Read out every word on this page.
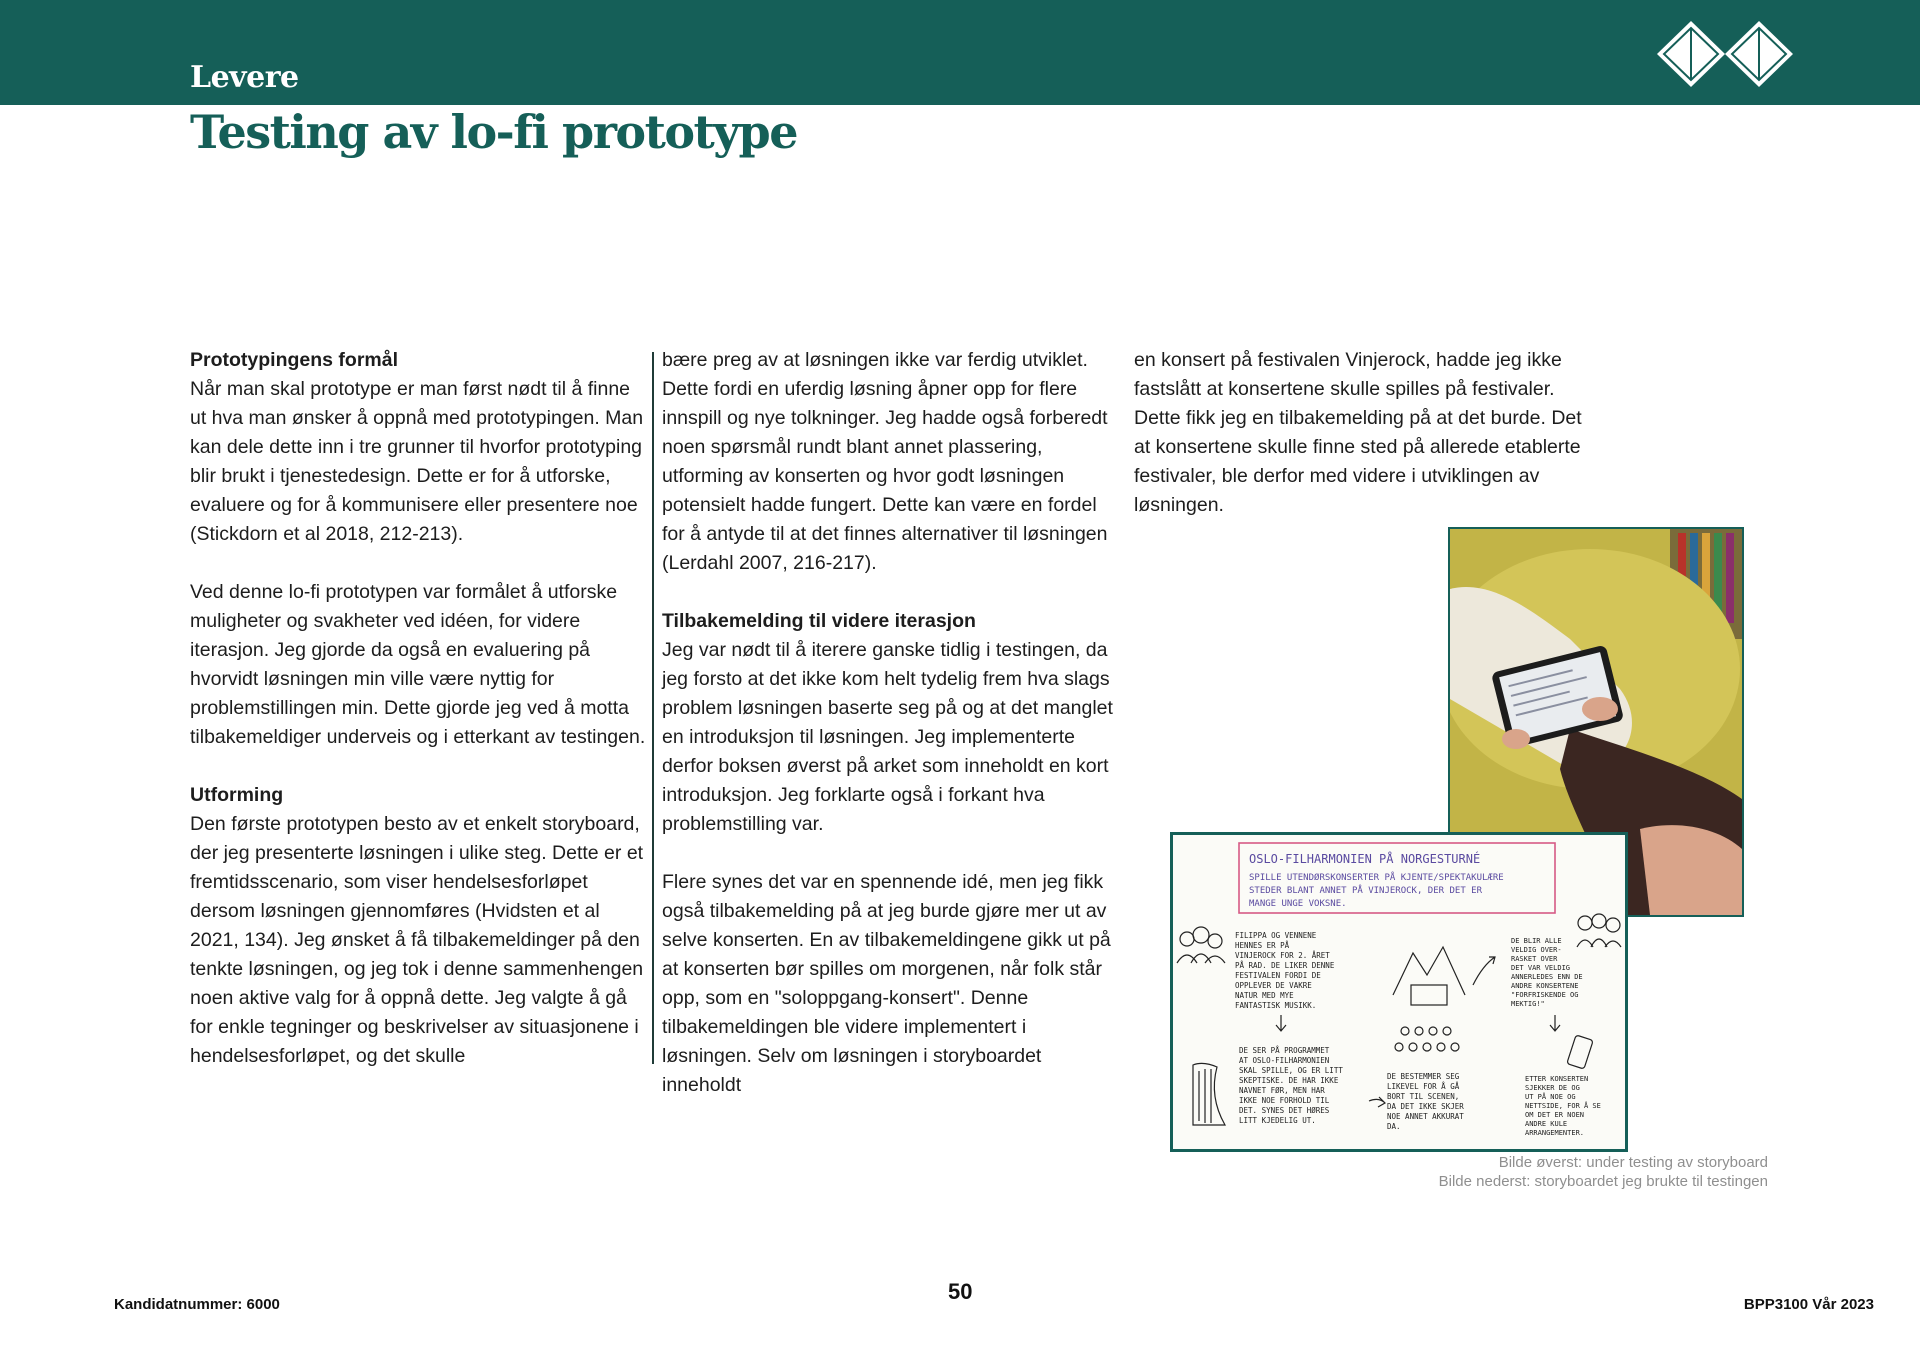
Levere
Testing av lo-fi prototype
Prototypingens formål

Når man skal prototype er man først nødt til å finne ut hva man ønsker å oppnå med prototypingen. Man kan dele dette inn i tre grunner til hvorfor prototyping blir brukt i tjenestedesign. Dette er for å utforske, evaluere og for å kommunisere eller presentere noe (Stickdorn et al 2018, 212-213).

Ved denne lo-fi prototypen var formålet å utforske muligheter og svakheter ved idéen, for videre iterasjon. Jeg gjorde da også en evaluering på hvorvidt løsningen min ville være nyttig for problemstillingen min. Dette gjorde jeg ved å motta tilbakemeldiger underveis og i etterkant av testingen.

Utforming

Den første prototypen besto av et enkelt storyboard, der jeg presenterte løsningen i ulike steg. Dette er et fremtidsscenario, som viser hendelsesforløpet dersom løsningen gjennomføres (Hvidsten et al 2021, 134). Jeg ønsket å få tilbakemeldinger på den tenkte løsningen, og jeg tok i denne sammenhengen noen aktive valg for å oppnå dette. Jeg valgte å gå for enkle tegninger og beskrivelser av situasjonene i hendelsesforløpet, og det skulle

bære preg av at løsningen ikke var ferdig utviklet. Dette fordi en uferdig løsning åpner opp for flere innspill og nye tolkninger. Jeg hadde også forberedt noen spørsmål rundt blant annet plassering, utforming av konserten og hvor godt løsningen potensielt hadde fungert. Dette kan være en fordel for å antyde til at det finnes alternativer til løsningen (Lerdahl 2007, 216-217).

Tilbakemelding til videre iterasjon

Jeg var nødt til å iterere ganske tidlig i testingen, da jeg forsto at det ikke kom helt tydelig frem hva slags problem løsningen baserte seg på og at det manglet en introduksjon til løsningen. Jeg implementerte derfor boksen øverst på arket som inneholdt en kort introduksjon. Jeg forklarte også i forkant hva problemstilling var.

Flere synes det var en spennende idé, men jeg fikk også tilbakemelding på at jeg burde gjøre mer ut av selve konserten. En av tilbakemeldingene gikk ut på at konserten bør spilles om morgenen, når folk står opp, som en "soloppgang-konsert". Denne tilbakemeldingen ble videre implementert i løsningen. Selv om løsningen i storyboardet inneholdt

en konsert på festivalen Vinjerock, hadde jeg ikke fastslått at konsertene skulle spilles på festivaler. Dette fikk jeg en tilbakemelding på at det burde. Det at konsertene skulle finne sted på allerede etablerte festivaler, ble derfor med videre i utviklingen av løsningen.

OSLO-FILHARMONIEN PÅ NORGESTURNÉ
SPILLE UTENDØRSKONSERTER PÅ KJENTE/SPEKTAKULÆRE
STEDER BLANT ANNET PÅ VINJEROCK, DER DET ER
MANGE UNGE VOKSNE.
FILIPPA OG VENNENE
HENNES ER PÅ
VINJEROCK FOR 2. ÅRET
PÅ RAD. DE LIKER DENNE
FESTIVALEN FORDI DE
OPPLEVER DE VAKRE
NATUR MED MYE
FANTASTISK MUSIKK.
DE SER PÅ PROGRAMMET
AT OSLO-FILHARMONIEN
SKAL SPILLE, OG ER LITT
SKEPTISKE. DE HAR IKKE
NAVNET FØR, MEN HAR
IKKE NOE FORHOLD TIL
DET. SYNES DET HØRES
LITT KJEDELIG UT.
DE BESTEMMER SEG
LIKEVEL FOR Å GÅ
BORT TIL SCENEN,
DA DET IKKE SKJER
NOE ANNET AKKURAT
DA.
DE BLIR ALLE
VELDIG OVER-
RASKET OVER
DET VAR VELDIG
ANNERLEDES ENN DE
ANDRE KONSERTENE
"FORFRISKENDE OG
MEKTIG!"
ETTER KONSERTEN
SJEKKER DE OG
UT PÅ NOE OG
NETTSIDE, FOR Å SE
OM DET ER NOEN
ANDRE KULE
ARRANGEMENTER.

Bilde øverst: under testing av storyboard

Bilde nederst: storyboardet jeg brukte til testingen

Kandidatnummer: 6000
50
BPP3100 Vår 2023
